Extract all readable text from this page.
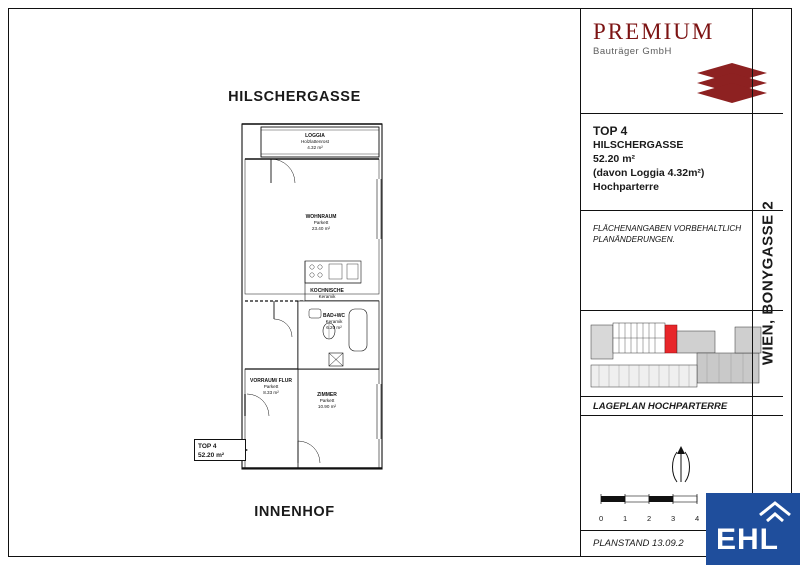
HILSCHERGASSE
INNENHOF
LOGGIA
Holzlattenrost
4.32 m²
WOHNRAUM
Parkett
23.40 m²
KOCHNISCHE
Keramik
BAD+WC
Keramik
6.20 m²
VORRAUM/ FLUR
Parkett
8.33 m²	ZIMMER
Parkett
10.90 m²
TOP 4
52.20 m²
PREMIUM
Bauträger GmbH
TOP 4
HILSCHERGASSE
52.20 m²
(davon Loggia 4.32m²)
Hochparterre
FLÄCHENANGABEN VORBEHALTLICH
PLANÄNDERUNGEN.
LAGEPLAN HOCHPARTERRE
0	1	2	3	4
PLANSTAND 13.09.2
WIEN, BONYGASSE 2
EHL
